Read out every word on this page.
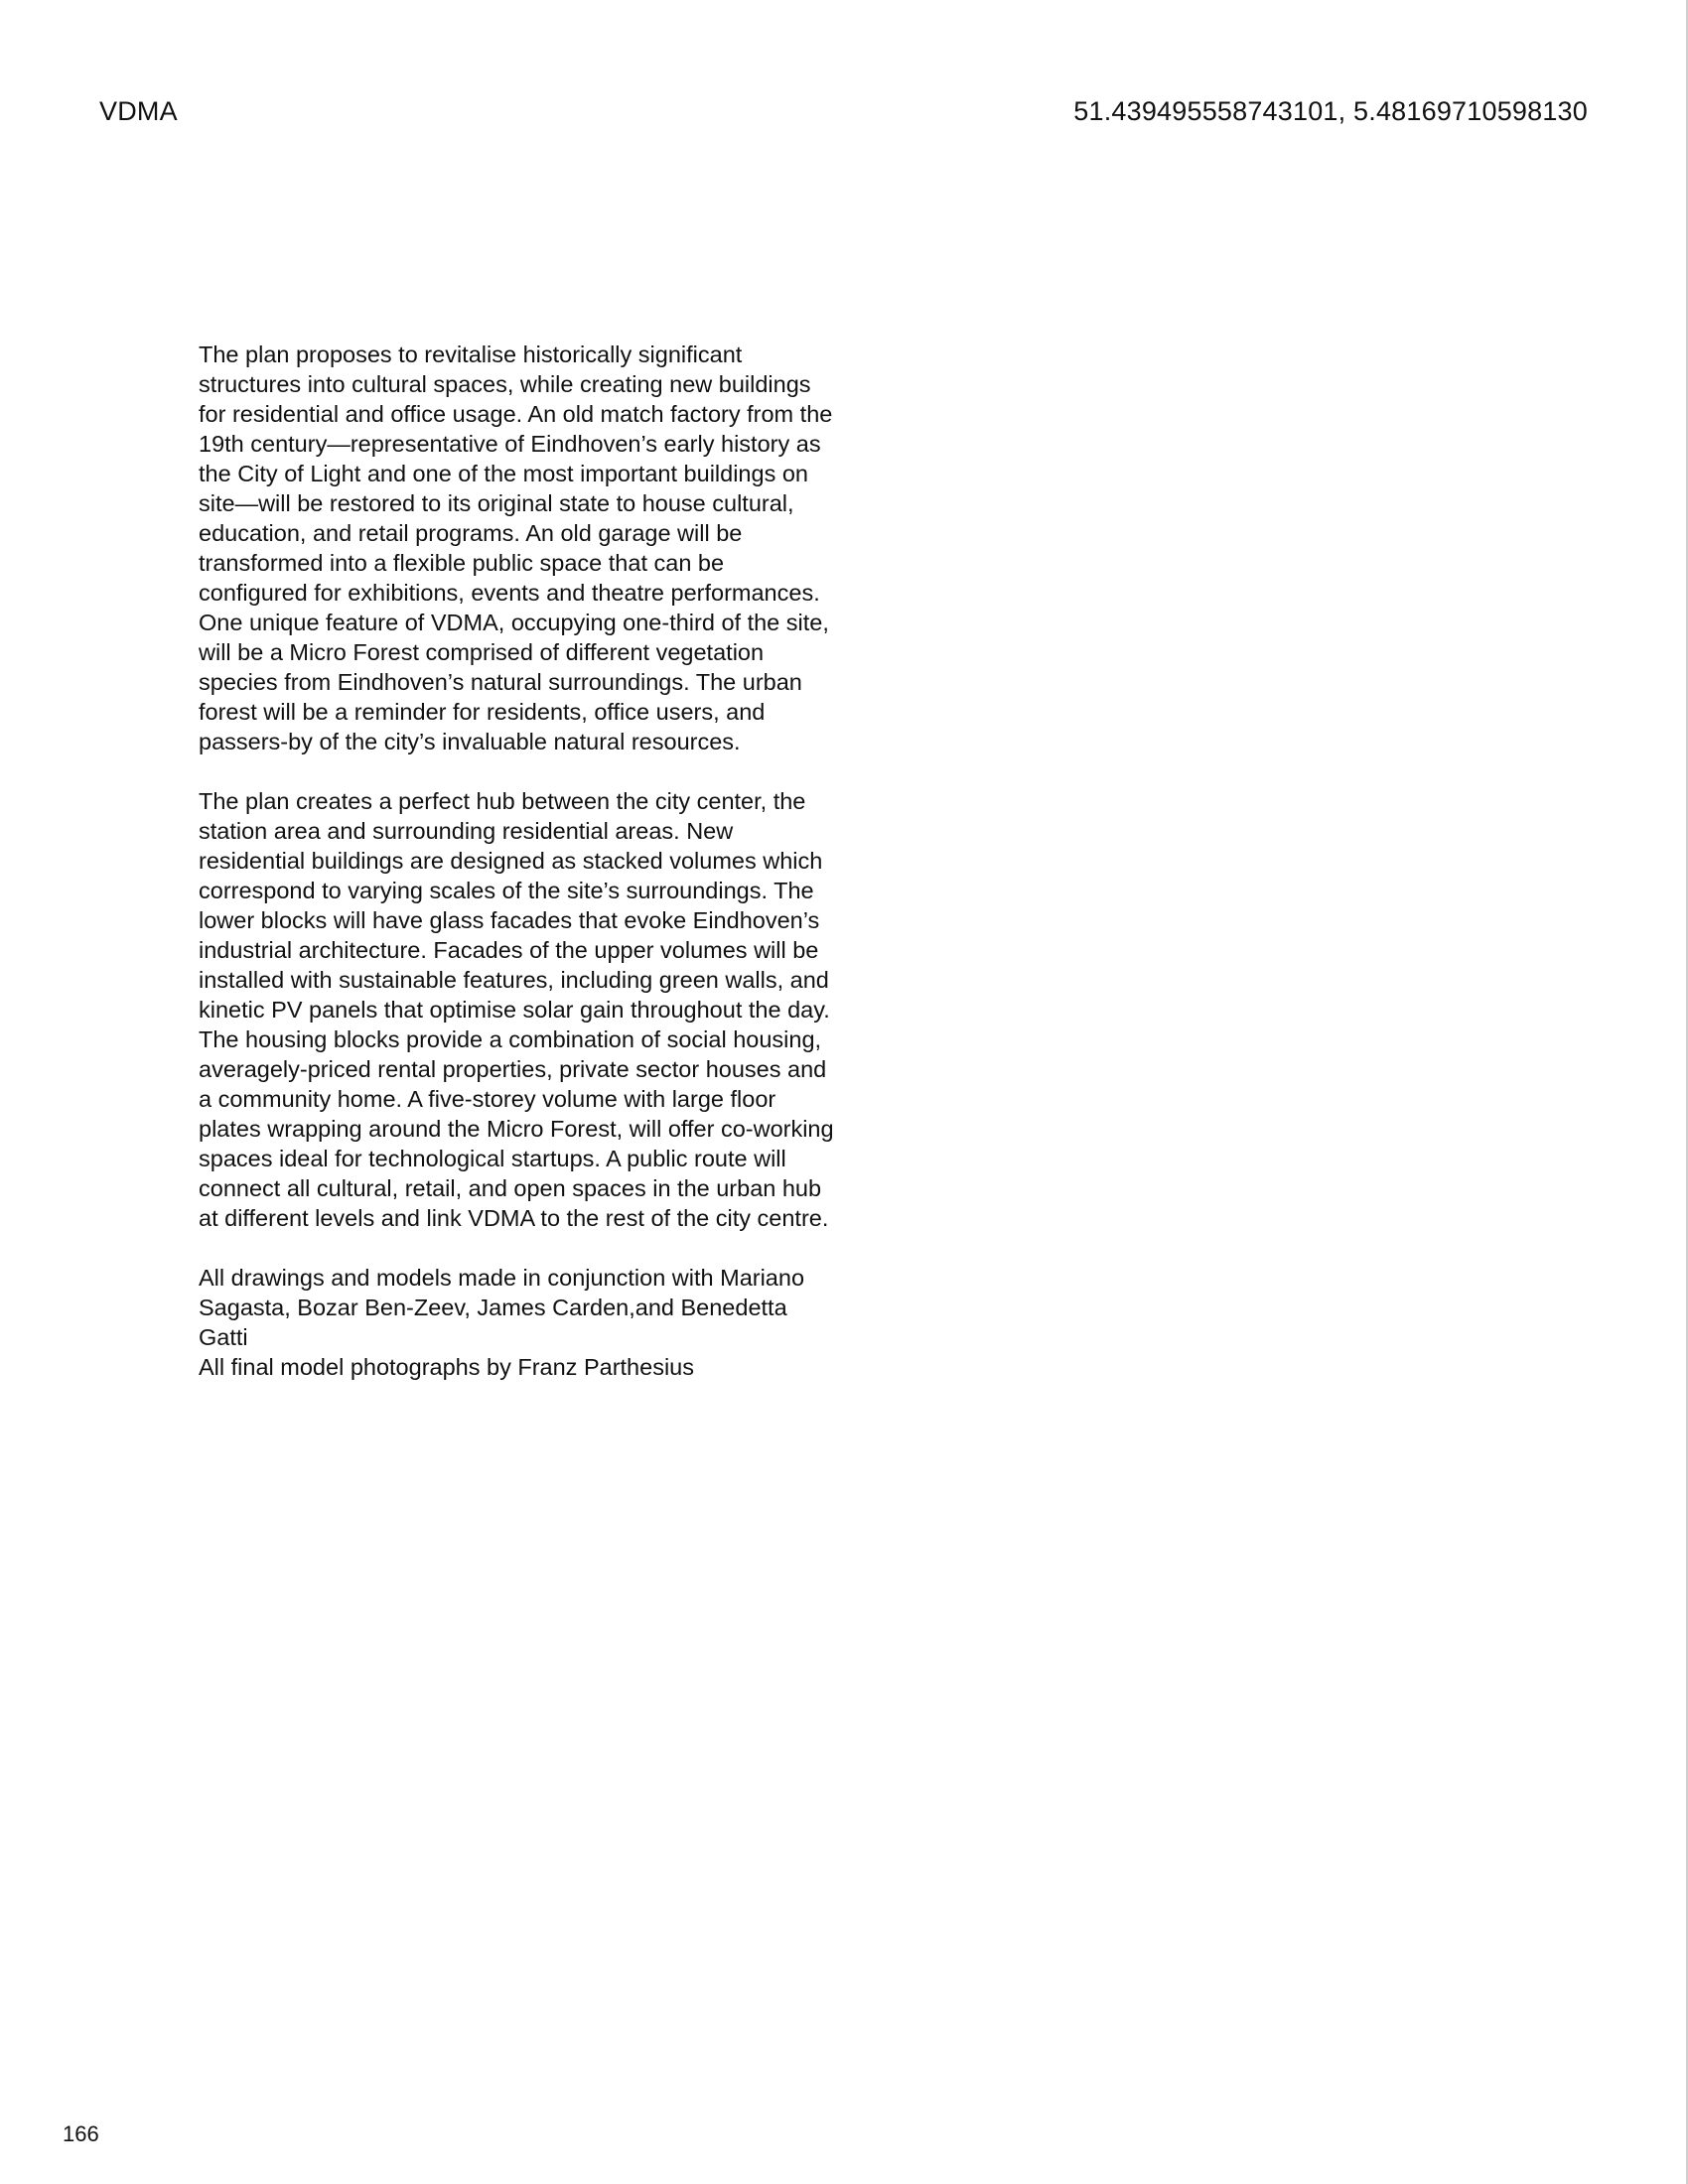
VDMA	51.439495558743101, 5.48169710598130

The plan proposes to revitalise historically significant structures into cultural spaces, while creating new buildings for residential and office usage. An old match factory from the 19th century—representative of Eindhoven’s early history as the City of Light and one of the most important buildings on site—will be restored to its original state to house cultural, education, and retail programs. An old garage will be transformed into a flexible public space that can be configured for exhibitions, events and theatre performances. One unique feature of VDMA, occupying one-third of the site, will be a Micro Forest comprised of different vegetation species from Eindhoven’s natural surroundings. The urban forest will be a reminder for residents, office users, and passers-by of the city’s invaluable natural resources.

The plan creates a perfect hub between the city center, the station area and surrounding residential areas. New residential buildings are designed as stacked volumes which correspond to varying scales of the site’s surroundings. The lower blocks will have glass facades that evoke Eindhoven’s industrial architecture. Facades of the upper volumes will be installed with sustainable features, including green walls, and kinetic PV panels that optimise solar gain throughout the day. The housing blocks provide a combination of social housing, averagely-priced rental properties, private sector houses and a community home. A five-storey volume with large floor plates wrapping around the Micro Forest, will offer co-working spaces ideal for technological startups. A public route will connect all cultural, retail, and open spaces in the urban hub at different levels and link VDMA to the rest of the city centre.

All drawings and models made in conjunction with Mariano Sagasta, Bozar Ben-Zeev, James Carden,and Benedetta Gatti
All final model photographs by Franz Parthesius

166
